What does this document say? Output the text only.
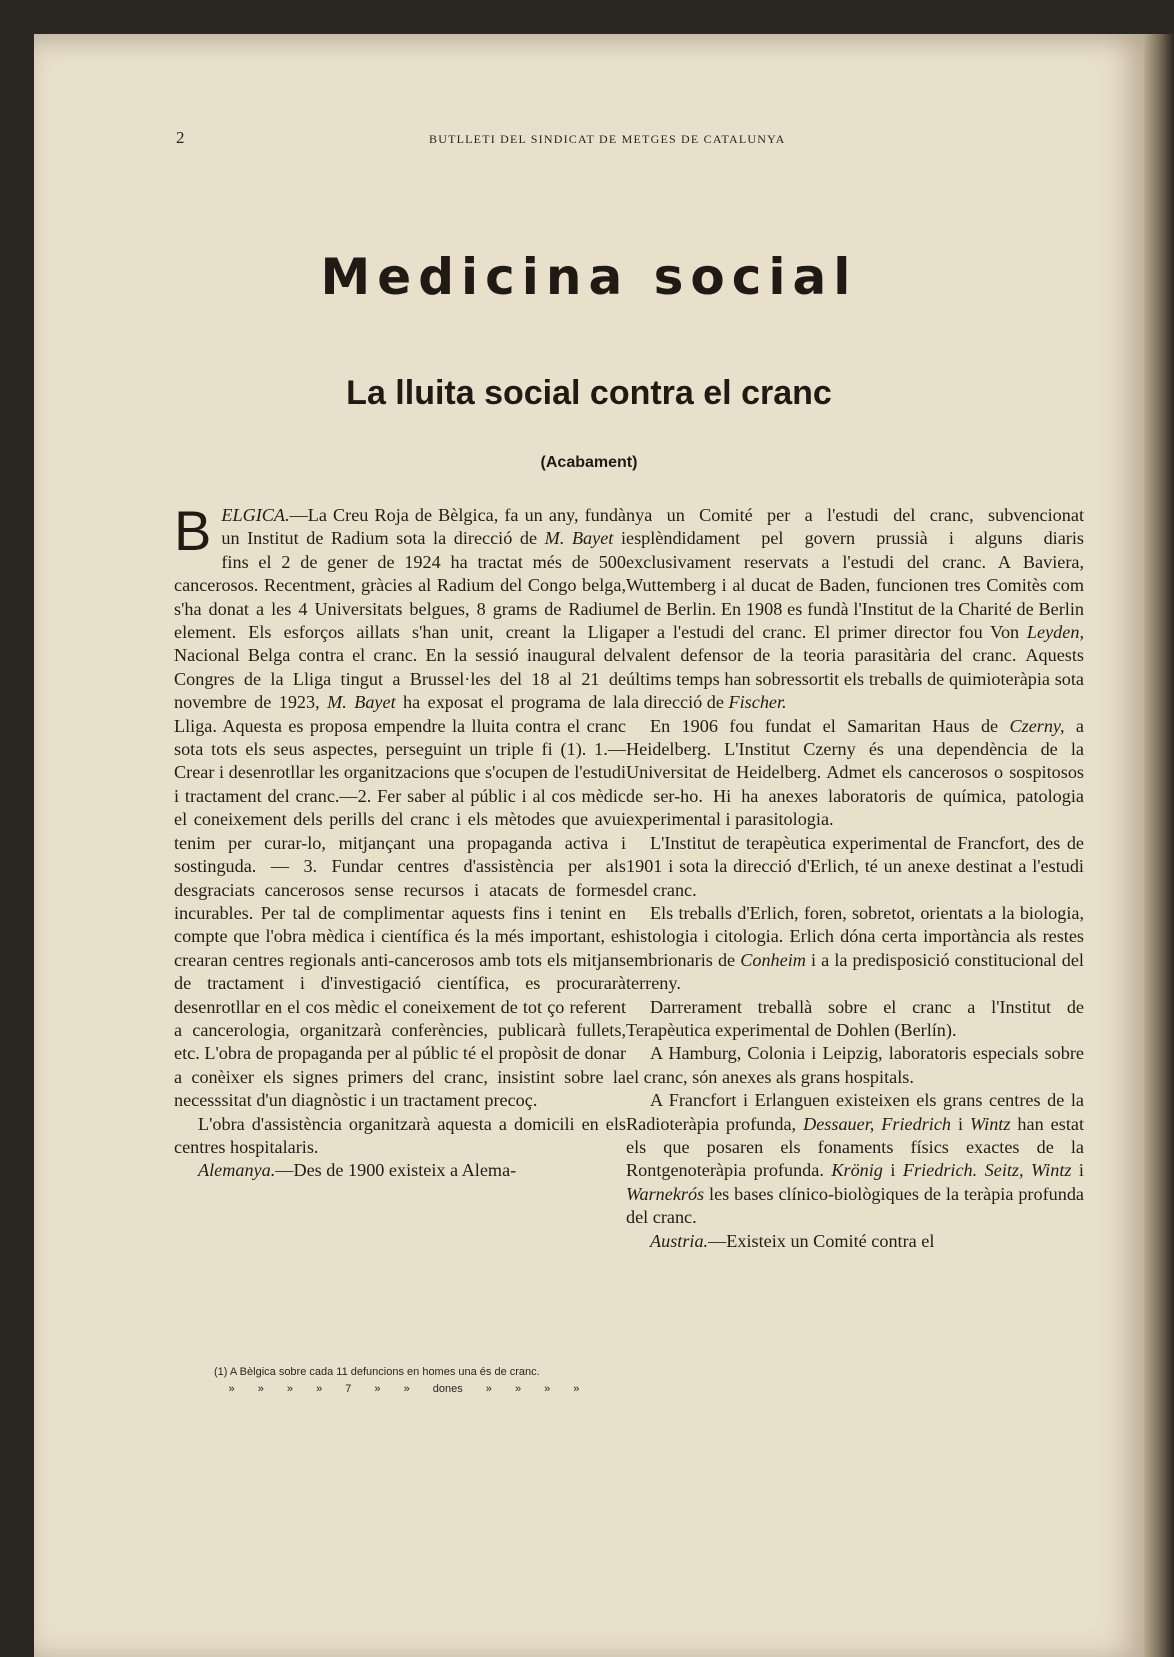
2	BUTLLETI DEL SINDICAT DE METGES DE CATALUNYA
Medicina social
La lluita social contra el cranc
(Acabament)

BELGICA.—La Creu Roja de Bèlgica, fa un any, fundà un Institut de Radium sota la direcció de M. Bayet i fins el 2 de gener de 1924 ha tractat més de 500 cancerosos. Recentment, gràcies al Radium del Congo belga, s'ha donat a les 4 Universitats belgues, 8 grams de Radium element. Els esforços aillats s'han unit, creant la Lliga Nacional Belga contra el cranc. En la sessió inaugural del Congres de la Lliga tingut a Brussel·les del 18 al 21 de novembre de 1923, M. Bayet ha exposat el programa de la Lliga. Aquesta es proposa empendre la lluita contra el cranc sota tots els seus aspectes, perseguint un triple fi (1). 1.—Crear i desenrotllar les organitzacions que s'ocupen de l'estudi i tractament del cranc.—2. Fer saber al públic i al cos mèdic el coneixement dels perills del cranc i els mètodes que avui tenim per curar-lo, mitjançant una propaganda activa i sostinguda. — 3. Fundar centres d'assistència per als desgraciats cancerosos sense recursos i atacats de formes incurables. Per tal de complimentar aquests fins i tenint en compte que l'obra mèdica i científica és la més important, es crearan centres regionals anti-cancerosos amb tots els mitjans de tractament i d'investigació científica, es procurarà desenrotllar en el cos mèdic el coneixement de tot ço referent a cancerologia, organitzarà conferències, publicarà fullets, etc. L'obra de propaganda per al públic té el propòsit de donar a conèixer els signes primers del cranc, insistint sobre la necesssitat d'un diagnòstic i un tractament precoç.

L'obra d'assistència organitzarà aquesta a domicili en els centres hospitalaris.

Alemanya.—Des de 1900 existeix a Alema-

nya un Comité per a l'estudi del cranc, subvencionat esplèndidament pel govern prussià i alguns diaris exclusivament reservats a l'estudi del cranc. A Baviera, Wuttemberg i al ducat de Baden, funcionen tres Comitès com el de Berlin. En 1908 es fundà l'Institut de la Charité de Berlin per a l'estudi del cranc. El primer director fou Von Leyden, valent defensor de la teoria parasitària del cranc. Aquests últims temps han sobressortit els treballs de quimioteràpia sota la direcció de Fischer.

En 1906 fou fundat el Samaritan Haus de Czerny, a Heidelberg. L'Institut Czerny és una dependència de la Universitat de Heidelberg. Admet els cancerosos o sospitosos de ser-ho. Hi ha anexes laboratoris de química, patologia experimental i parasitologia.

L'Institut de terapèutica experimental de Francfort, des de 1901 i sota la direcció d'Erlich, té un anexe destinat a l'estudi del cranc.

Els treballs d'Erlich, foren, sobretot, orientats a la biologia, histologia i citologia. Erlich dóna certa importància als restes embrionaris de Conheim i a la predisposició constitucional del terreny.

Darrerament treballà sobre el cranc a l'Institut de Terapèutica experimental de Dohlen (Berlín).

A Hamburg, Colonia i Leipzig, laboratoris especials sobre el cranc, són anexes als grans hospitals.

A Francfort i Erlanguen existeixen els grans centres de la Radioteràpia profunda, Dessauer, Friedrich i Wintz han estat els que posaren els fonaments físics exactes de la Rontgenoteràpia profunda. Krönig i Friedrich. Seitz, Wintz i Warnekrós les bases clínico-biològiques de la teràpia profunda del cranc.

Austria.—Existeix un Comité contra el

(1) A Bèlgica sobre cada 11 defuncions en homes una és de cranc.
» » » » 7 » » dones » » » »
